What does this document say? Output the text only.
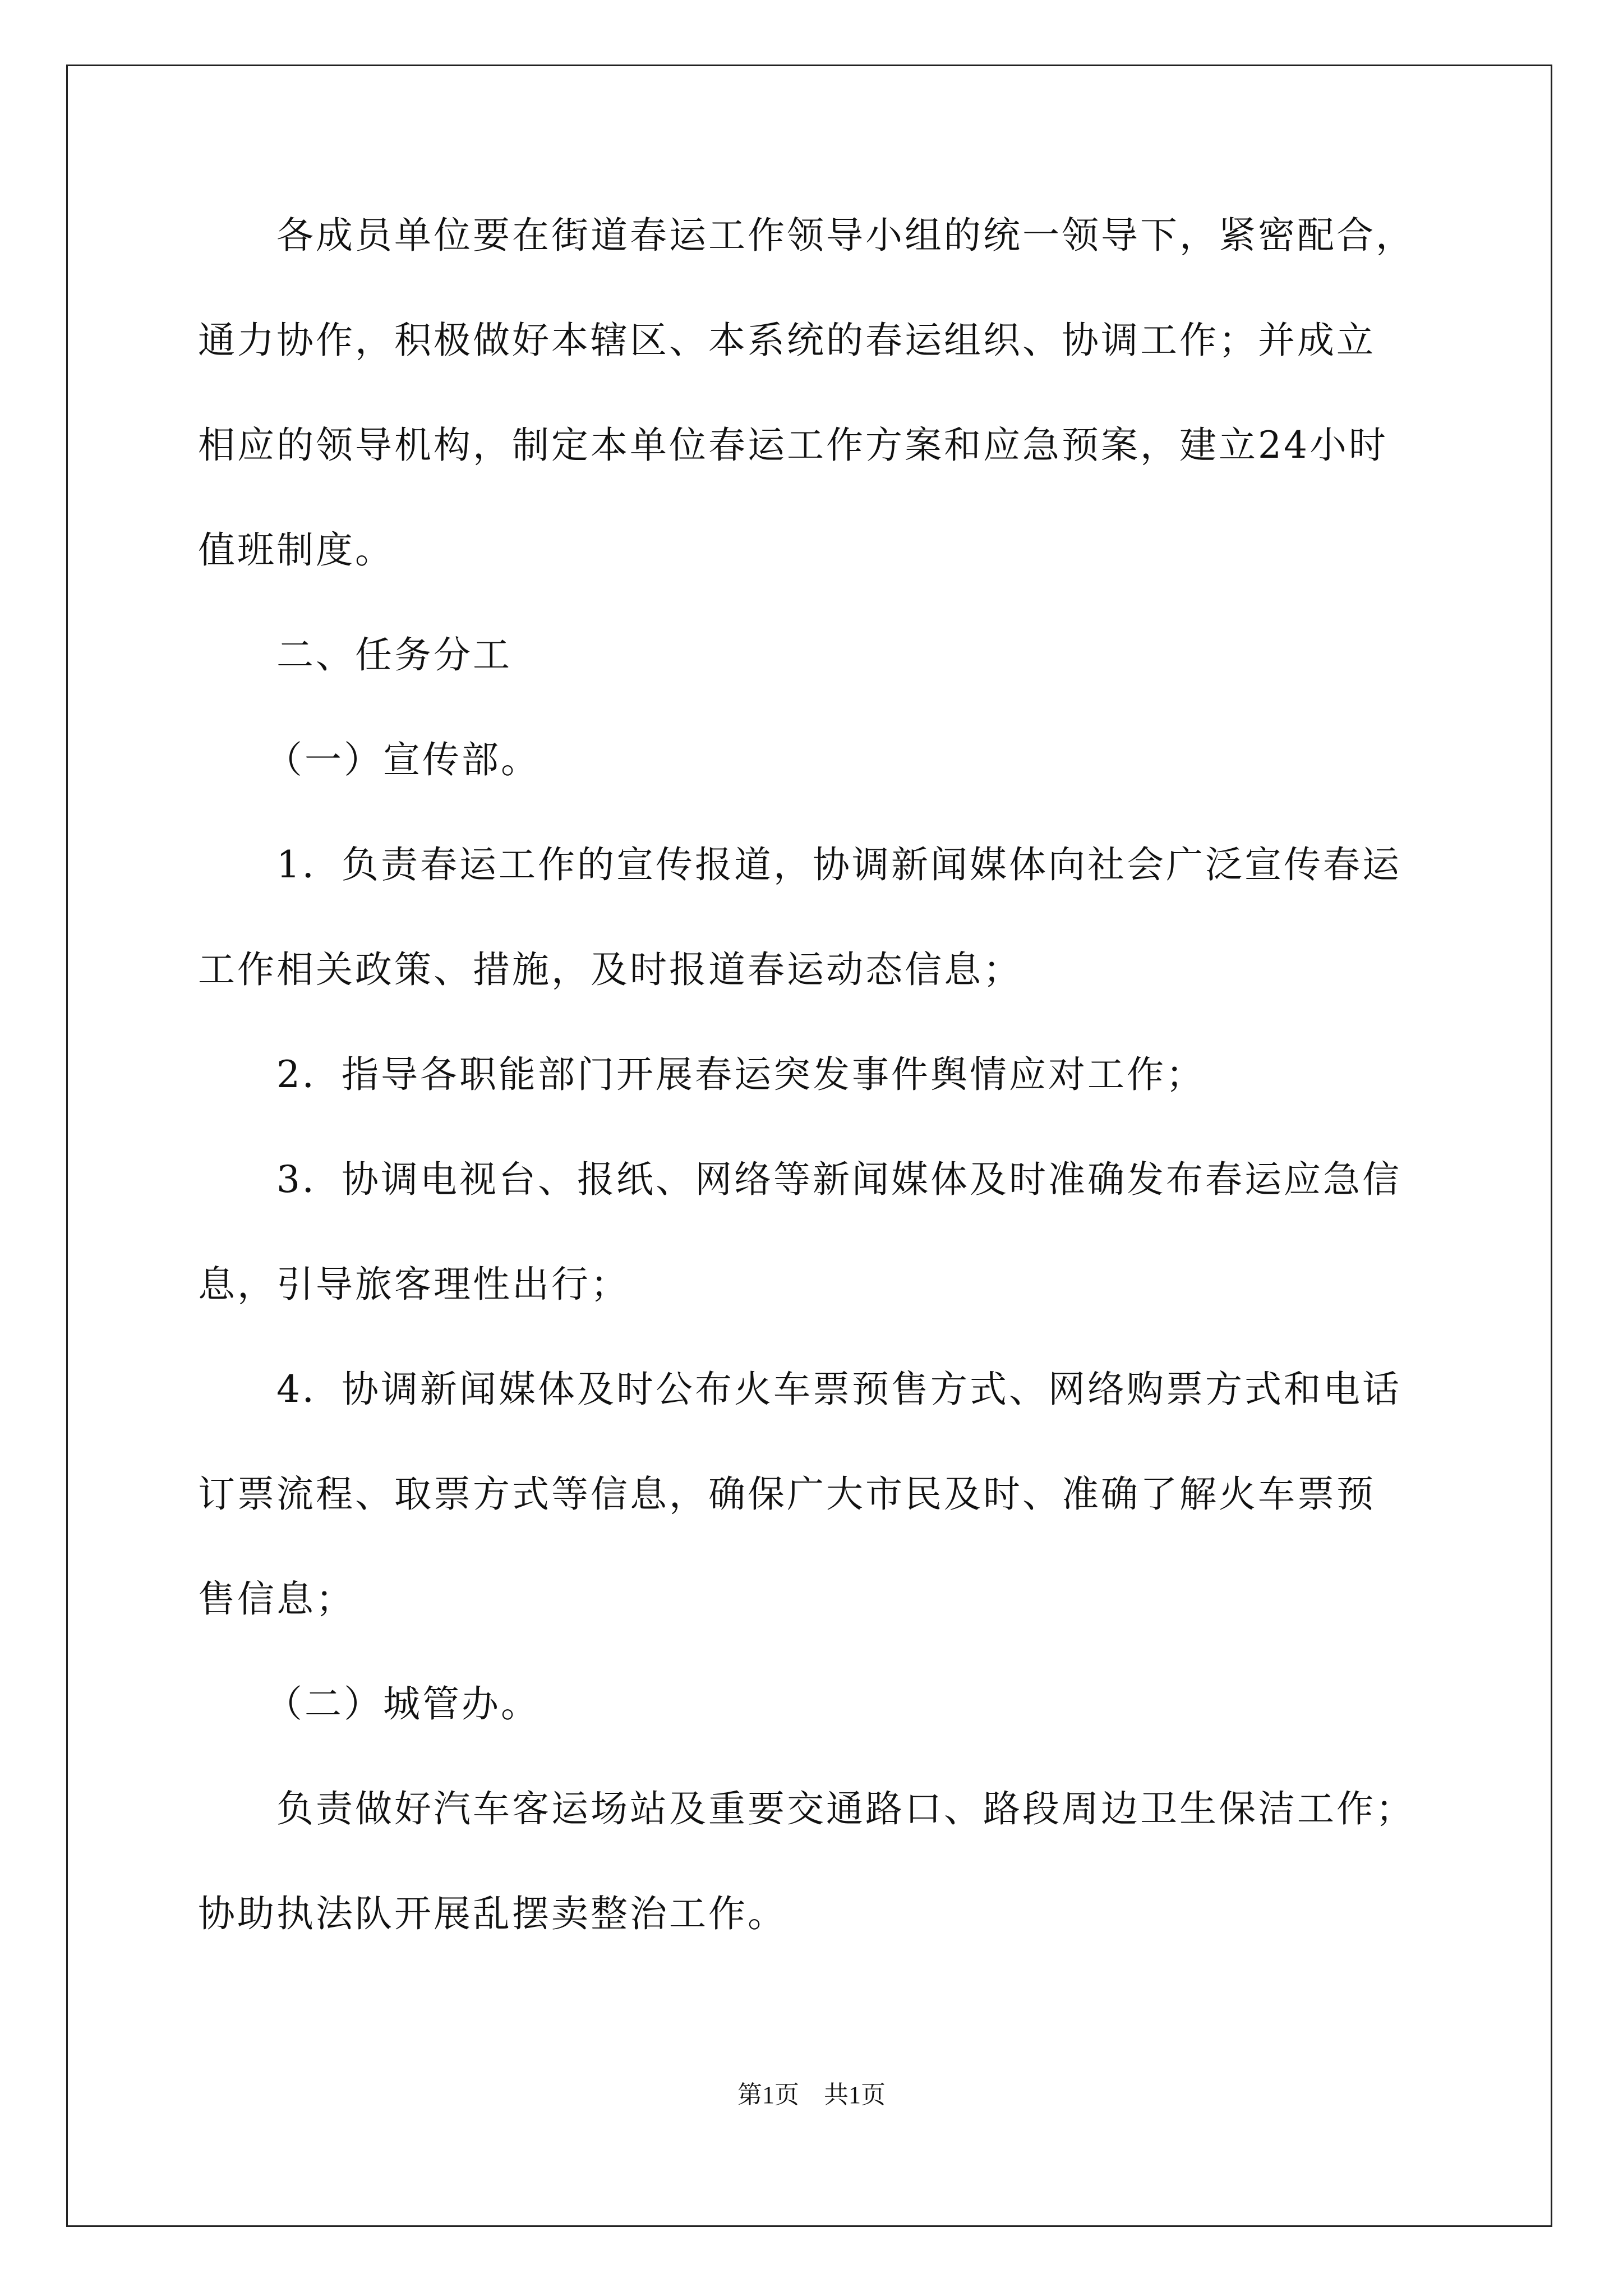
各成员单位要在街道春运工作领导小组的统一领导下，紧密配合，
通力协作，积极做好本辖区、本系统的春运组织、协调工作；并成立
相应的领导机构，制定本单位春运工作方案和应急预案，建立24小时
值班制度。
二、任务分工
（一）宣传部。
1．负责春运工作的宣传报道，协调新闻媒体向社会广泛宣传春运
工作相关政策、措施，及时报道春运动态信息；
2．指导各职能部门开展春运突发事件舆情应对工作；
3．协调电视台、报纸、网络等新闻媒体及时准确发布春运应急信
息，引导旅客理性出行；
4．协调新闻媒体及时公布火车票预售方式、网络购票方式和电话
订票流程、取票方式等信息，确保广大市民及时、准确了解火车票预
售信息；
（二）城管办。
负责做好汽车客运场站及重要交通路口、路段周边卫生保洁工作；
协助执法队开展乱摆卖整治工作。
第1页　共1页
